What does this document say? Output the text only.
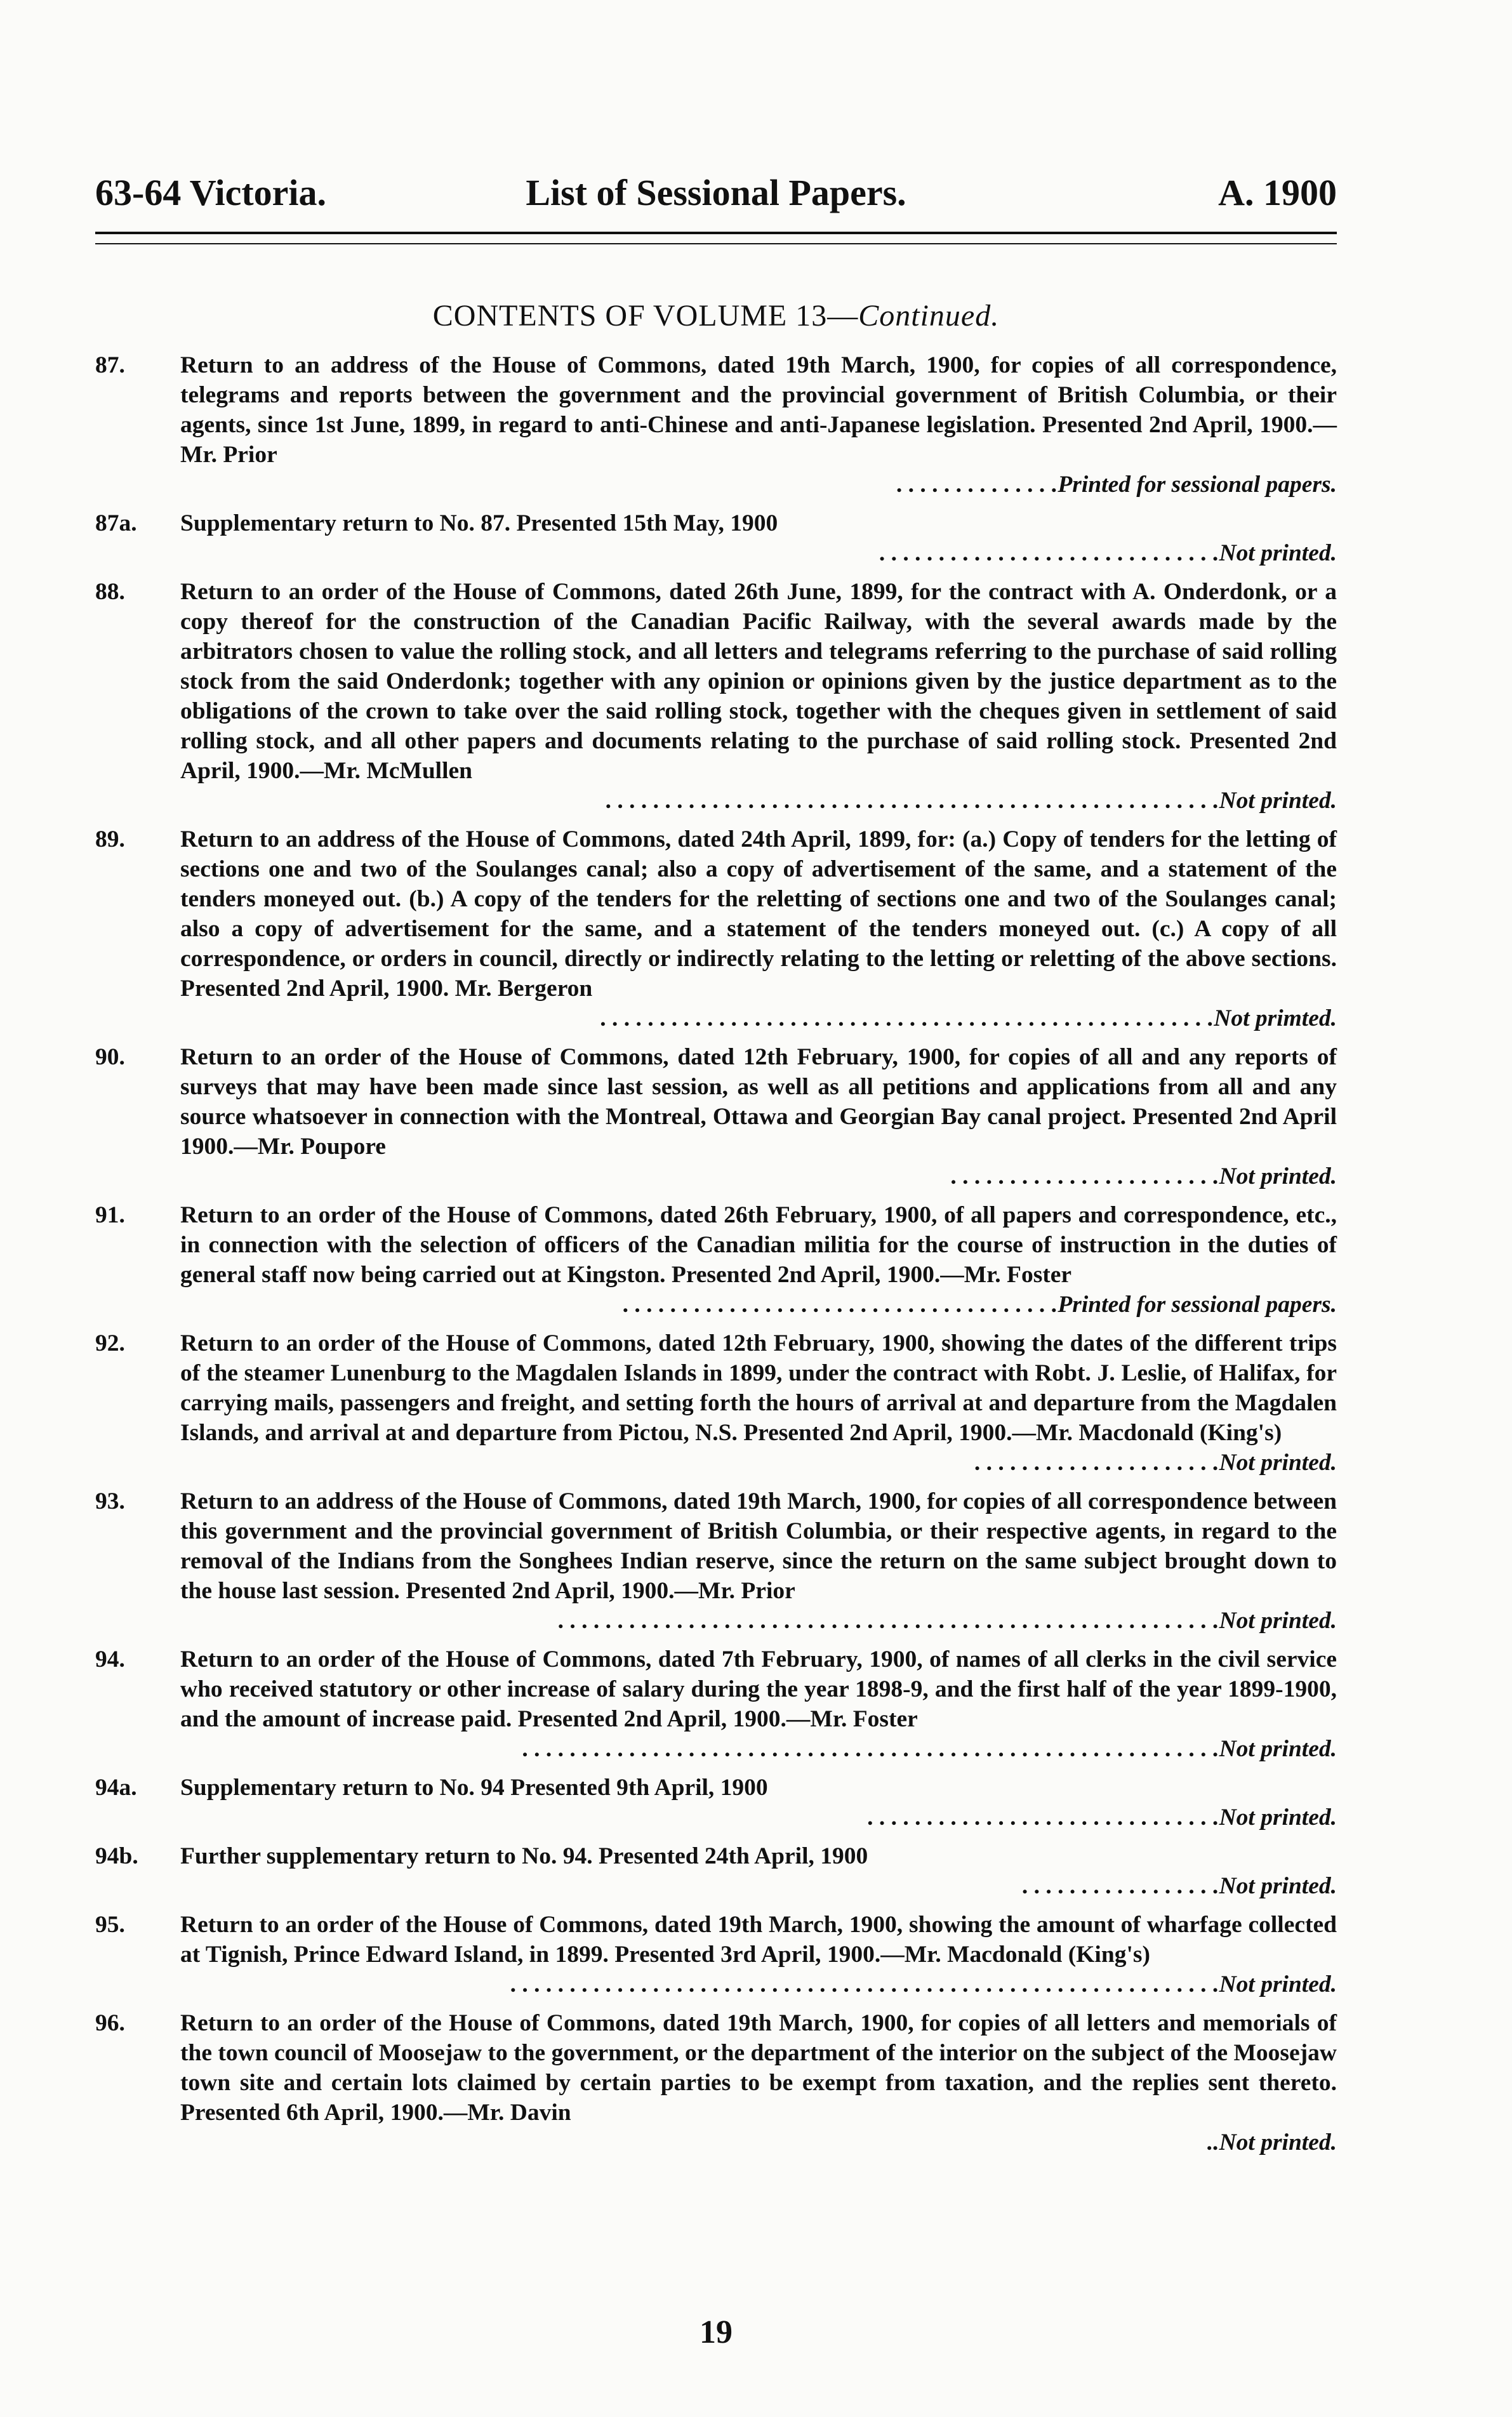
63-64 Victoria.	List of Sessional Papers.	A. 1900
CONTENTS OF VOLUME 13—Continued.
87.	Return to an address of the House of Commons, dated 19th March, 1900, for copies of all correspondence, telegrams and reports between the government and the provincial government of British Columbia, or their agents, since 1st June, 1899, in regard to anti-Chinese and anti-Japanese legislation. Presented 2nd April, 1900.—Mr. Prior
. . . . . . . . . . . . . .Printed for sessional papers.
87a.	Supplementary return to No. 87. Presented 15th May, 1900
. . . . . . . . . . . . . . . . . . . . . . . . . . . . .Not printed.
88.	Return to an order of the House of Commons, dated 26th June, 1899, for the contract with A. Onderdonk, or a copy thereof for the construction of the Canadian Pacific Railway, with the several awards made by the arbitrators chosen to value the rolling stock, and all letters and telegrams referring to the purchase of said rolling stock from the said Onderdonk; together with any opinion or opinions given by the justice department as to the obligations of the crown to take over the said rolling stock, together with the cheques given in settlement of said rolling stock, and all other papers and documents relating to the purchase of said rolling stock. Presented 2nd April, 1900.—Mr. McMullen
. . . . . . . . . . . . . . . . . . . . . . . . . . . . . . . . . . . . . . . . . . . . . . . . . . . .Not printed.
89.	Return to an address of the House of Commons, dated 24th April, 1899, for: (a.) Copy of tenders for the letting of sections one and two of the Soulanges canal; also a copy of advertisement of the same, and a statement of the tenders moneyed out. (b.) A copy of the tenders for the reletting of sections one and two of the Soulanges canal; also a copy of advertisement for the same, and a statement of the tenders moneyed out. (c.) A copy of all correspondence, or orders in council, directly or indirectly relating to the letting or reletting of the above sections. Presented 2nd April, 1900. Mr. Bergeron
. . . . . . . . . . . . . . . . . . . . . . . . . . . . . . . . . . . . . . . . . . . . . . . . . . . .Not primted.
90.	Return to an order of the House of Commons, dated 12th February, 1900, for copies of all and any reports of surveys that may have been made since last session, as well as all petitions and applications from all and any source whatsoever in connection with the Montreal, Ottawa and Georgian Bay canal project. Presented 2nd April 1900.—Mr. Poupore
. . . . . . . . . . . . . . . . . . . . . . .Not printed.
91.	Return to an order of the House of Commons, dated 26th February, 1900, of all papers and correspondence, etc., in connection with the selection of officers of the Canadian militia for the course of instruction in the duties of general staff now being carried out at Kingston. Presented 2nd April, 1900.—Mr. Foster
. . . . . . . . . . . . . . . . . . . . . . . . . . . . . . . . . . . . .Printed for sessional papers.
92.	Return to an order of the House of Commons, dated 12th February, 1900, showing the dates of the different trips of the steamer Lunenburg to the Magdalen Islands in 1899, under the contract with Robt. J. Leslie, of Halifax, for carrying mails, passengers and freight, and setting forth the hours of arrival at and departure from the Magdalen Islands, and arrival at and departure from Pictou, N.S. Presented 2nd April, 1900.—Mr. Macdonald (King's)
. . . . . . . . . . . . . . . . . . . . .Not printed.
93.	Return to an address of the House of Commons, dated 19th March, 1900, for copies of all correspondence between this government and the provincial government of British Columbia, or their respective agents, in regard to the removal of the Indians from the Songhees Indian reserve, since the return on the same subject brought down to the house last session. Presented 2nd April, 1900.—Mr. Prior
. . . . . . . . . . . . . . . . . . . . . . . . . . . . . . . . . . . . . . . . . . . . . . . . . . . . . . . .Not printed.
94.	Return to an order of the House of Commons, dated 7th February, 1900, of names of all clerks in the civil service who received statutory or other increase of salary during the year 1898-9, and the first half of the year 1899-1900, and the amount of increase paid. Presented 2nd April, 1900.—Mr. Foster
. . . . . . . . . . . . . . . . . . . . . . . . . . . . . . . . . . . . . . . . . . . . . . . . . . . . . . . . . . .Not printed.
94a.	Supplementary return to No. 94 Presented 9th April, 1900
. . . . . . . . . . . . . . . . . . . . . . . . . . . . . .Not printed.
94b.	Further supplementary return to No. 94. Presented 24th April, 1900
. . . . . . . . . . . . . . . . .Not printed.
95.	Return to an order of the House of Commons, dated 19th March, 1900, showing the amount of wharfage collected at Tignish, Prince Edward Island, in 1899. Presented 3rd April, 1900.—Mr. Macdonald (King's)
. . . . . . . . . . . . . . . . . . . . . . . . . . . . . . . . . . . . . . . . . . . . . . . . . . . . . . . . . . . .Not printed.
96.	Return to an order of the House of Commons, dated 19th March, 1900, for copies of all letters and memorials of the town council of Moosejaw to the government, or the department of the interior on the subject of the Moosejaw town site and certain lots claimed by certain parties to be exempt from taxation, and the replies sent thereto. Presented 6th April, 1900.—Mr. Davin
..Not printed.
19
